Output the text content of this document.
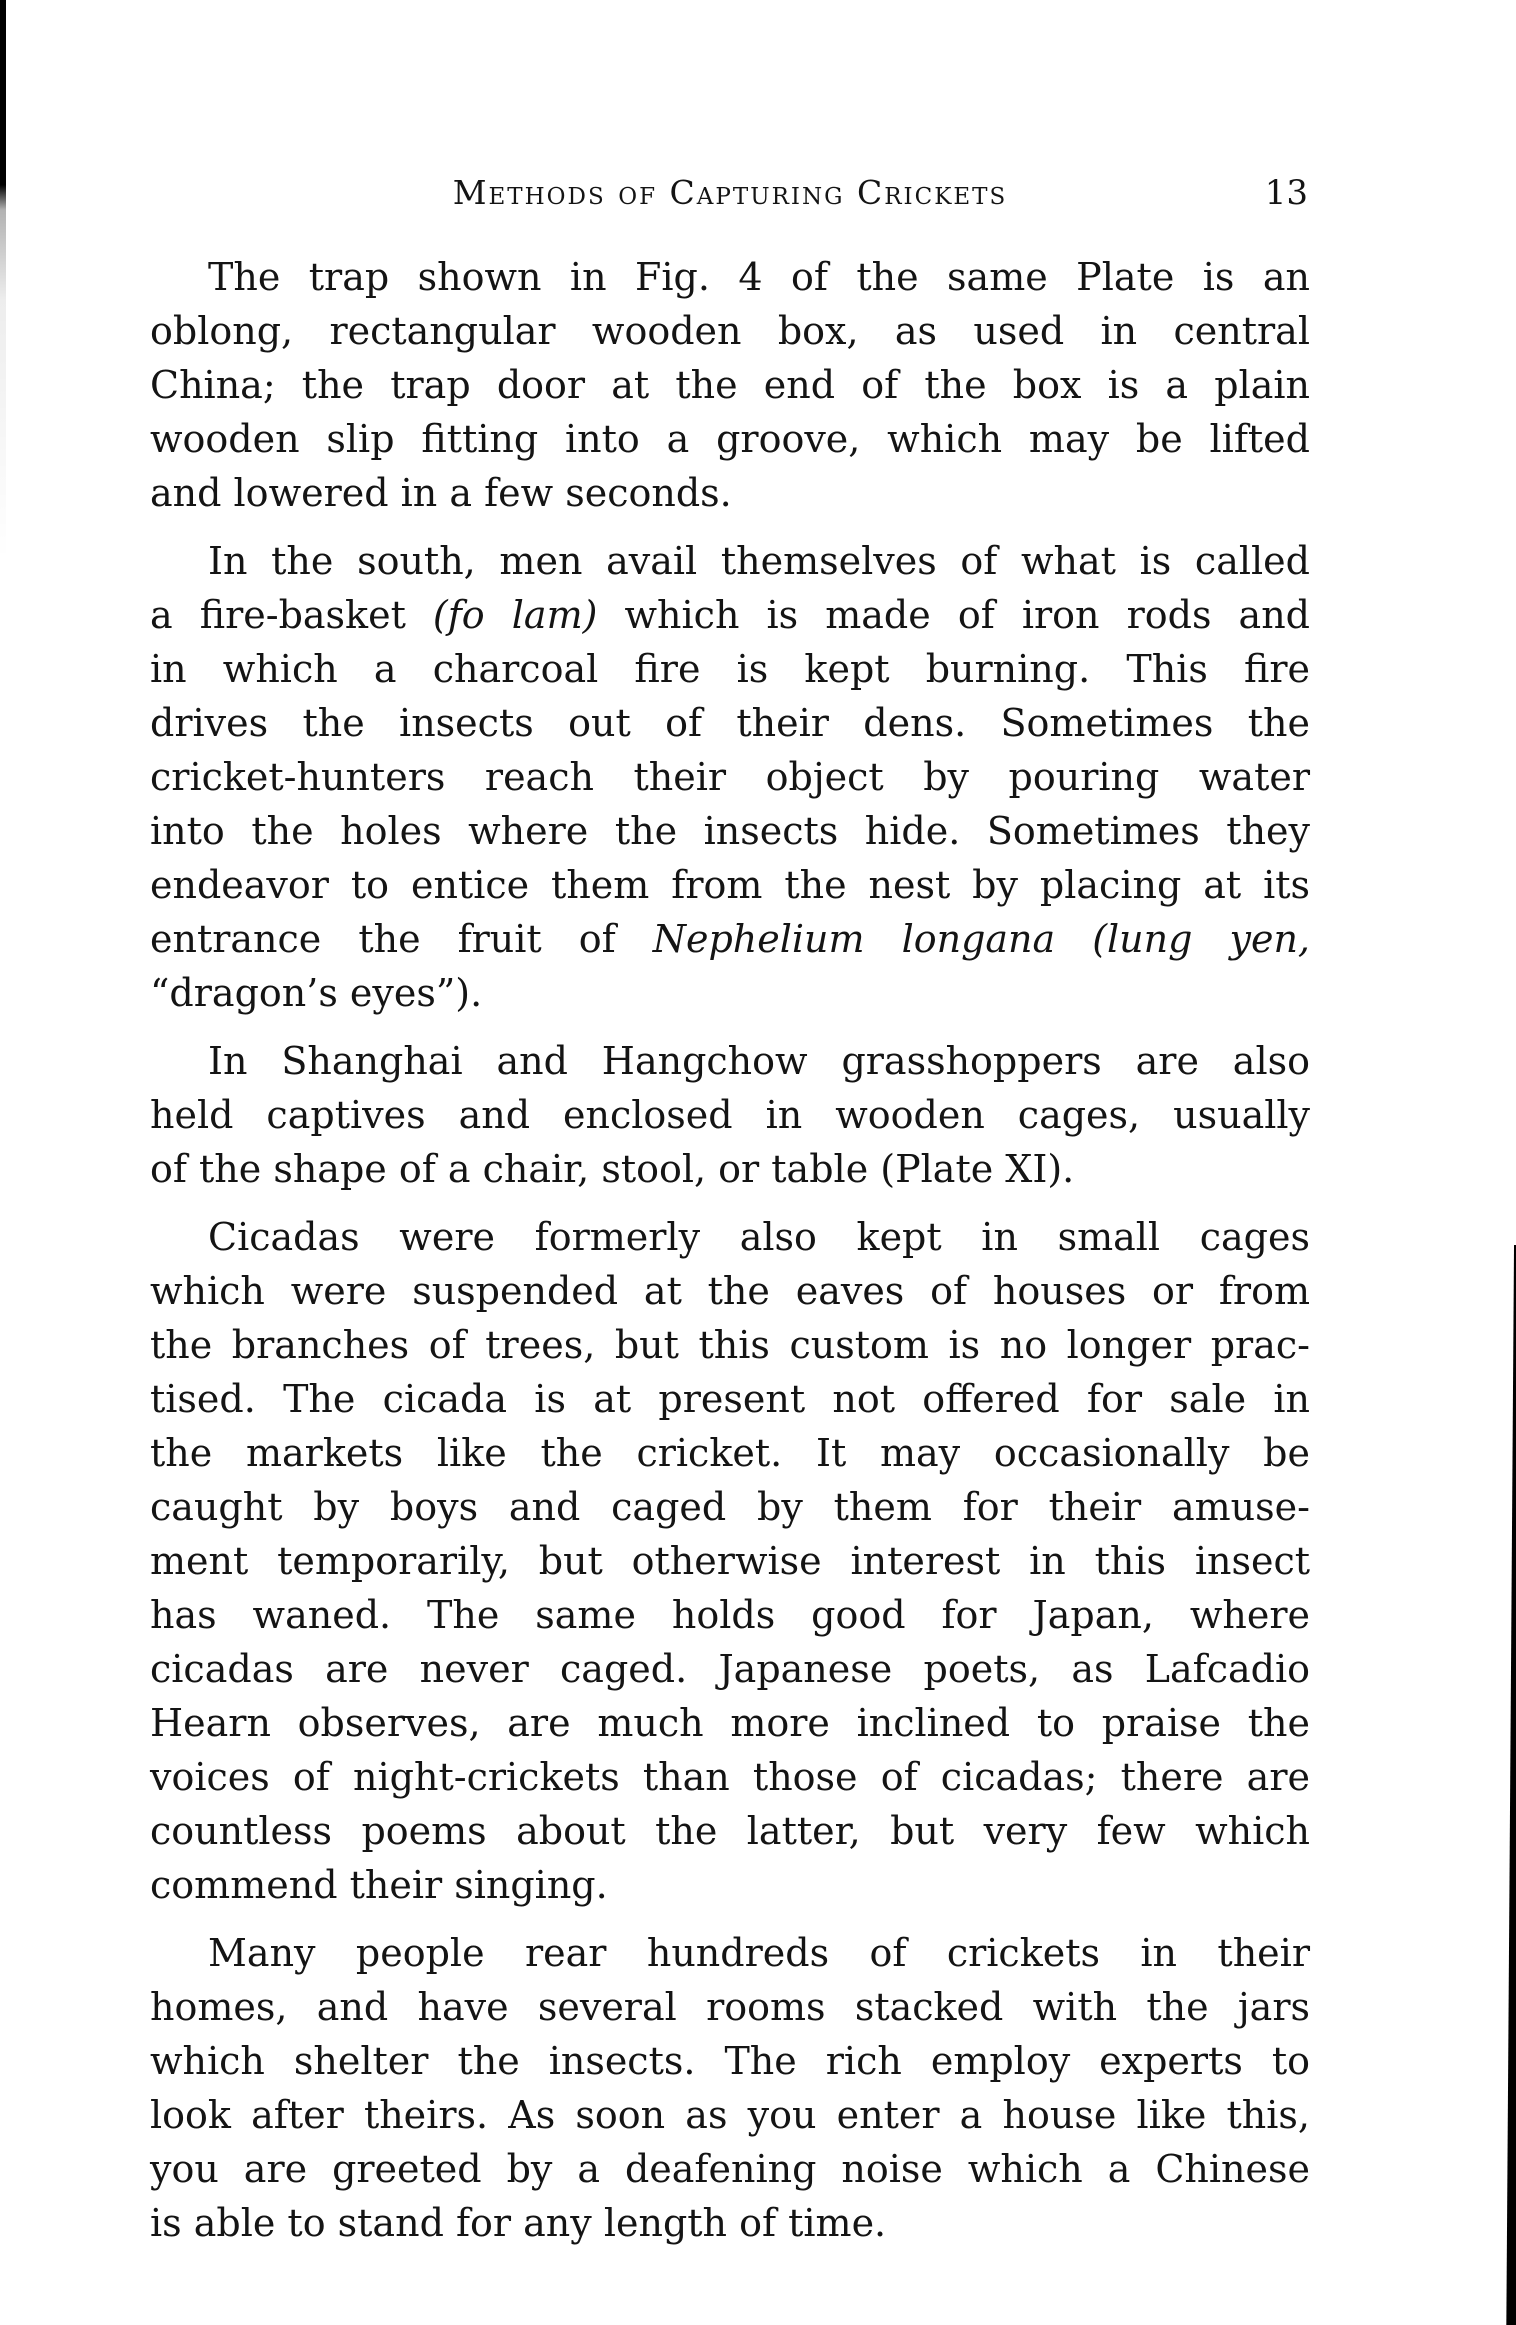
Methods of Capturing Crickets	13
The trap shown in Fig. 4 of the same Plate is an
oblong, rectangular wooden box, as used in central
China; the trap door at the end of the box is a plain
wooden slip fitting into a groove, which may be lifted
and lowered in a few seconds.
In the south, men avail themselves of what is called
a fire-basket (fo lam) which is made of iron rods and
in which a charcoal fire is kept burning. This fire
drives the insects out of their dens. Sometimes the
cricket-hunters reach their object by pouring water
into the holes where the insects hide. Sometimes they
endeavor to entice them from the nest by placing at its
entrance the fruit of Nephelium longana (lung yen,
“dragon’s eyes”).
In Shanghai and Hangchow grasshoppers are also
held captives and enclosed in wooden cages, usually
of the shape of a chair, stool, or table (Plate XI).
Cicadas were formerly also kept in small cages
which were suspended at the eaves of houses or from
the branches of trees, but this custom is no longer prac-
tised. The cicada is at present not offered for sale in
the markets like the cricket. It may occasionally be
caught by boys and caged by them for their amuse-
ment temporarily, but otherwise interest in this insect
has waned. The same holds good for Japan, where
cicadas are never caged. Japanese poets, as Lafcadio
Hearn observes, are much more inclined to praise the
voices of night-crickets than those of cicadas; there are
countless poems about the latter, but very few which
commend their singing.
Many people rear hundreds of crickets in their
homes, and have several rooms stacked with the jars
which shelter the insects. The rich employ experts to
look after theirs. As soon as you enter a house like this,
you are greeted by a deafening noise which a Chinese
is able to stand for any length of time.
